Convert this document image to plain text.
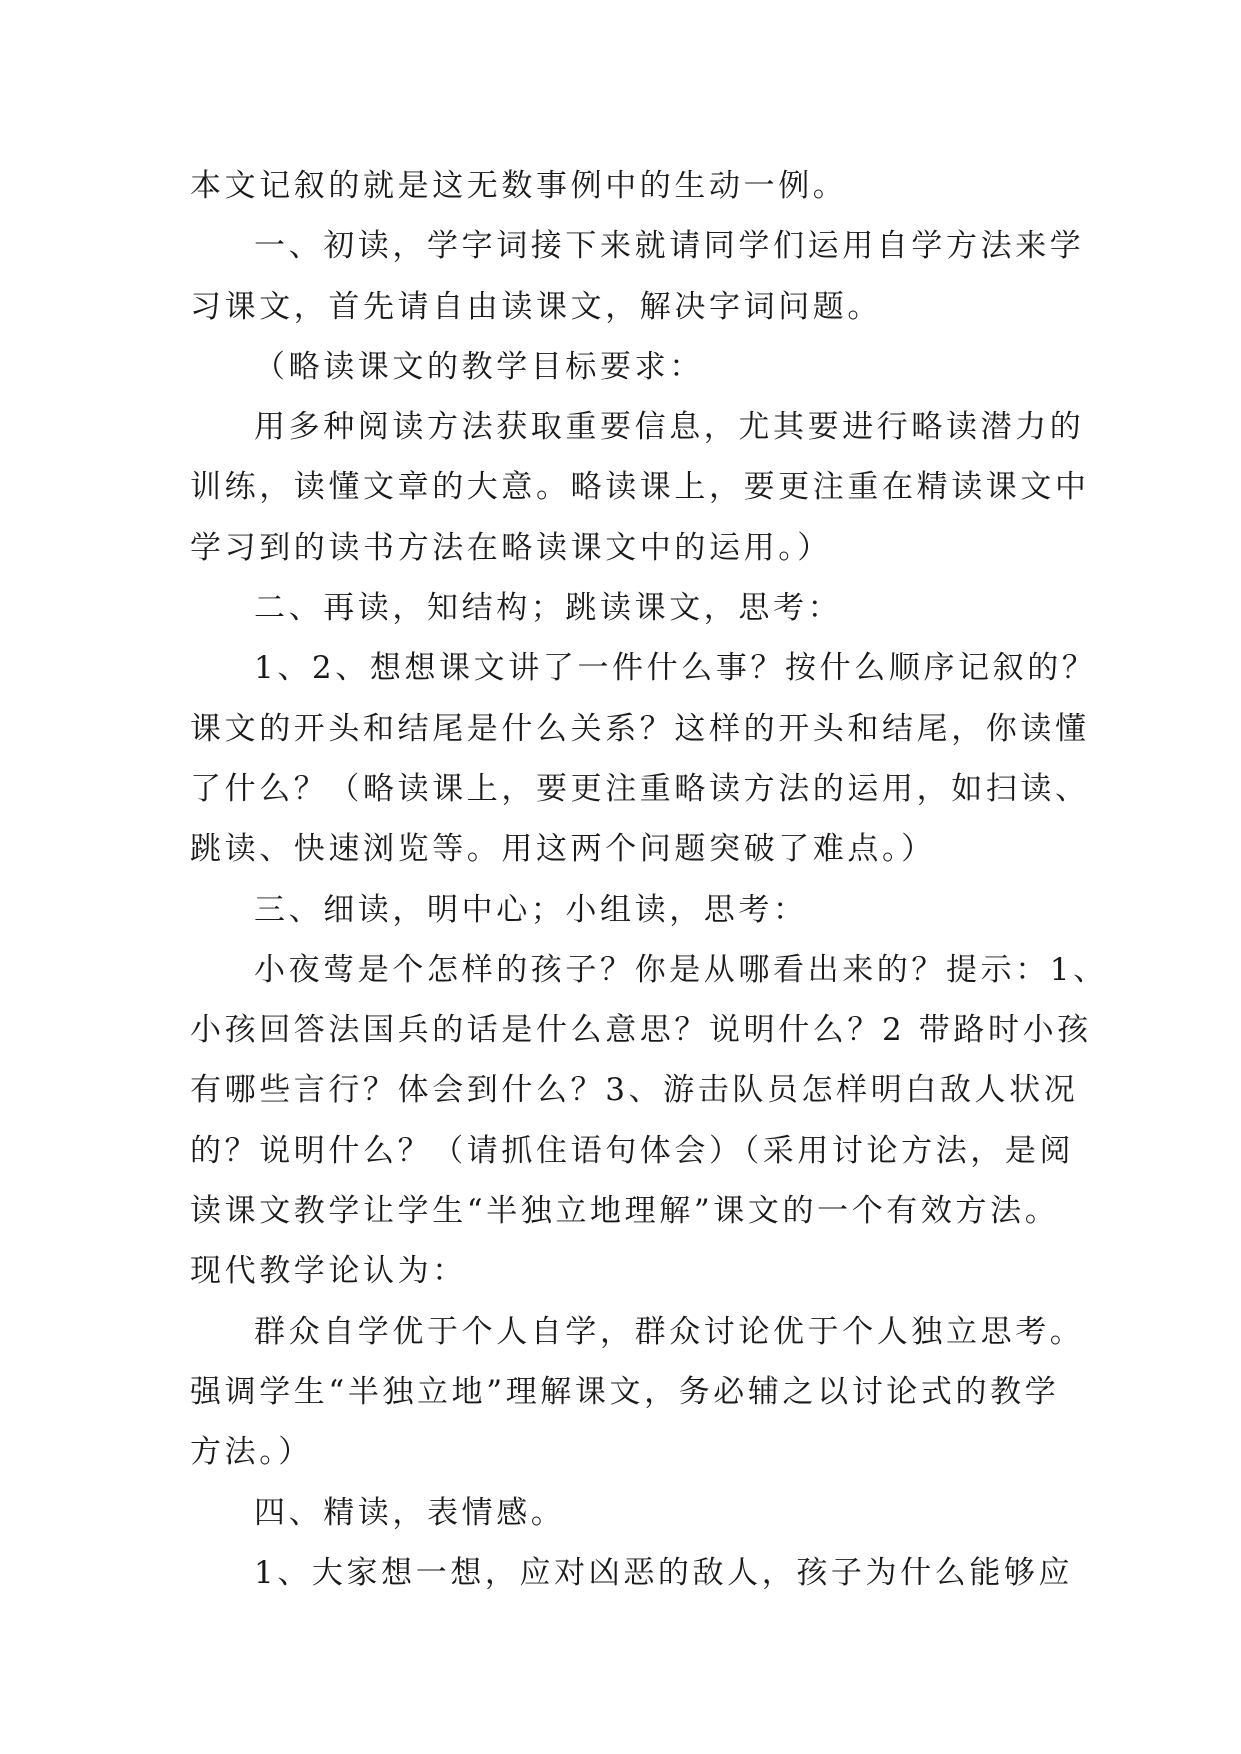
本文记叙的就是这无数事例中的生动一例。
一、初读，学字词接下来就请同学们运用自学方法来学
习课文，首先请自由读课文，解决字词问题。
（略读课文的教学目标要求：
用多种阅读方法获取重要信息，尤其要进行略读潜力的
训练，读懂文章的大意。略读课上，要更注重在精读课文中
学习到的读书方法在略读课文中的运用。）
二、再读，知结构；跳读课文，思考：
1、2、想想课文讲了一件什么事？按什么顺序记叙的？
课文的开头和结尾是什么关系？这样的开头和结尾，你读懂
了什么？（略读课上，要更注重略读方法的运用，如扫读、
跳读、快速浏览等。用这两个问题突破了难点。）
三、细读，明中心；小组读，思考：
小夜莺是个怎样的孩子？你是从哪看出来的？提示：1、
小孩回答法国兵的话是什么意思？说明什么？2 带路时小孩
有哪些言行？体会到什么？3、游击队员怎样明白敌人状况
的？说明什么？（请抓住语句体会）（采用讨论方法，是阅
读课文教学让学生“半独立地理解”课文的一个有效方法。
现代教学论认为：
群众自学优于个人自学，群众讨论优于个人独立思考。
强调学生“半独立地”理解课文，务必辅之以讨论式的教学
方法。）
四、精读，表情感。
1、大家想一想，应对凶恶的敌人，孩子为什么能够应
